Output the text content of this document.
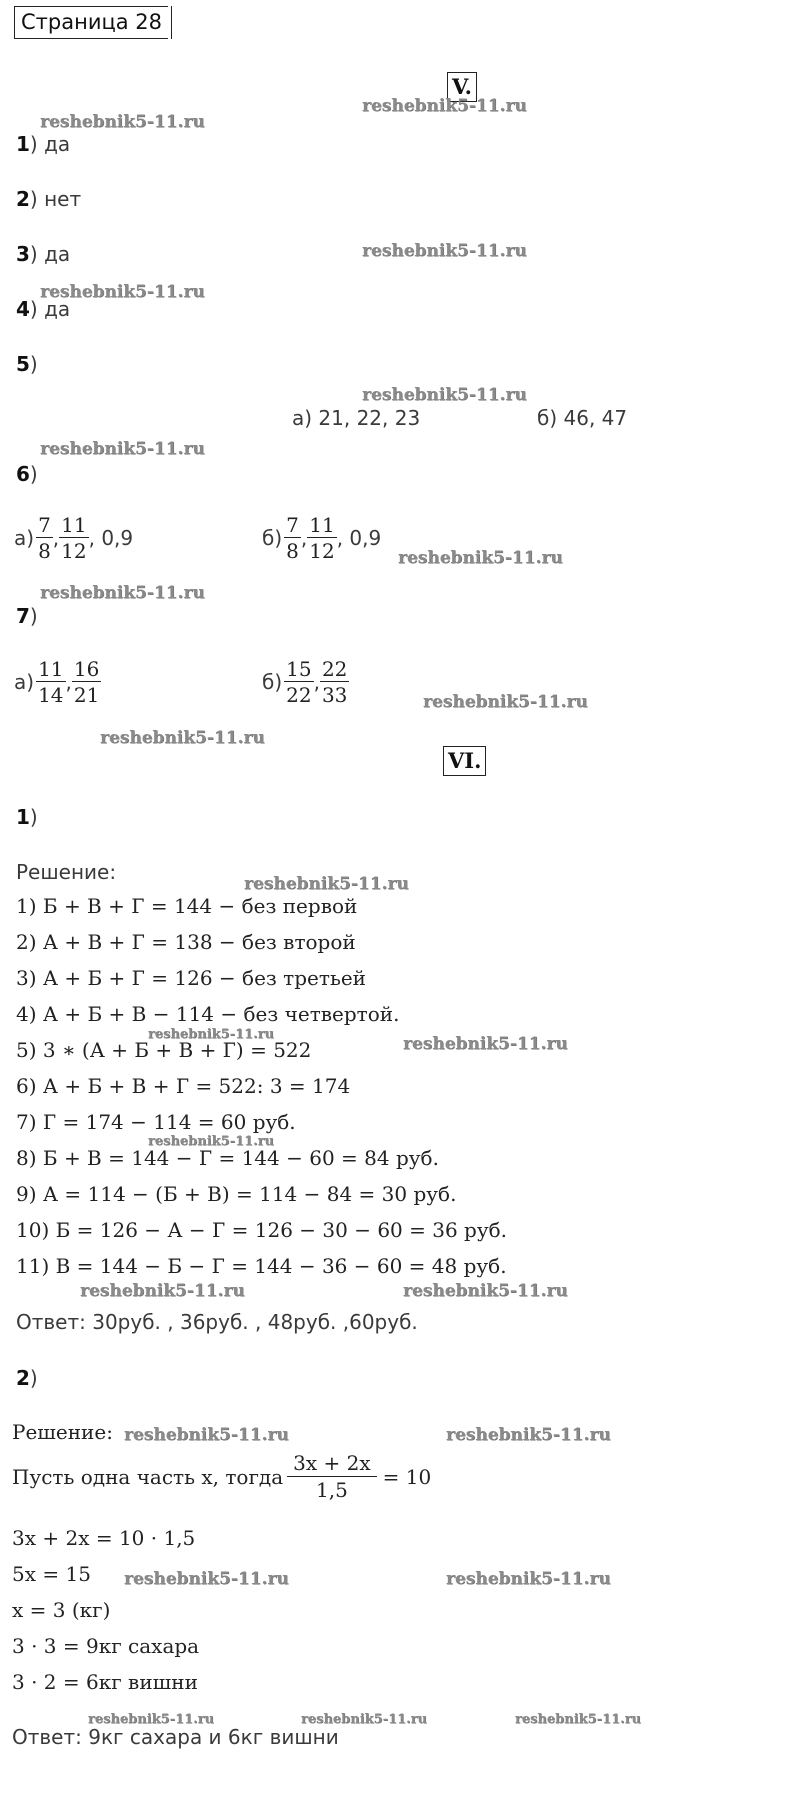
Страница 28
V.
1) да
2) нет
3) да
4) да
5)
а) 21, 22, 23	б) 46, 47
6)
$а) \frac{7}{8}$ , $\frac{11}{12}$ , 0,9	$б) \frac{7}{8}$ , $\frac{11}{12}$ , 0,9
7)
$а) \frac{11}{14}$ , $\frac{16}{21}$	$б) \frac{15}{22}$ , $\frac{22}{33}$
VI.
1)
Решение:
1) Б + В + Г = 144 − без первой
2) А + В + Г = 138 − без второй
3) А + Б + Г = 126 − без третьей
4) А + Б + В − 114 − без четвертой.
5) 3 ∗ (А + Б + В + Г) = 522
6) А + Б + В + Г = 522: 3 = 174
7) Г = 174 − 114 = 60 руб.
8) Б + В = 144 − Г = 144 − 60 = 84 руб.
9) А = 114 − (Б + В) = 114 − 84 = 30 руб.
10) Б = 126 − А − Г = 126 − 30 − 60 = 36 руб.
11) В = 144 − Б − Г = 144 − 36 − 60 = 48 руб.
Ответ: 30руб. , 36руб. , 48руб. ,60руб.
2)
Решение:
Пусть одна часть х, тогда $\frac{3х + 2х}{1,5} = 10$
3х + 2х = 10 · 1,5
5х = 15
х = 3 (кг)
3 · 3 = 9кг сахара
3 · 2 = 6кг вишни
Ответ: 9кг сахара и 6кг вишни
reshebnik5-11.ru
reshebnik5-11.ru
reshebnik5-11.ru
reshebnik5-11.ru
reshebnik5-11.ru
reshebnik5-11.ru
reshebnik5-11.ru
reshebnik5-11.ru
reshebnik5-11.ru
reshebnik5-11.ru
reshebnik5-11.ru
reshebnik5-11.ru
reshebnik5-11.ru
reshebnik5-11.ru
reshebnik5-11.ru	reshebnik5-11.ru
reshebnik5-11.ru	reshebnik5-11.ru
reshebnik5-11.ru	reshebnik5-11.ru
reshebnik5-11.ru	reshebnik5-11.ru	reshebnik5-11.ru
